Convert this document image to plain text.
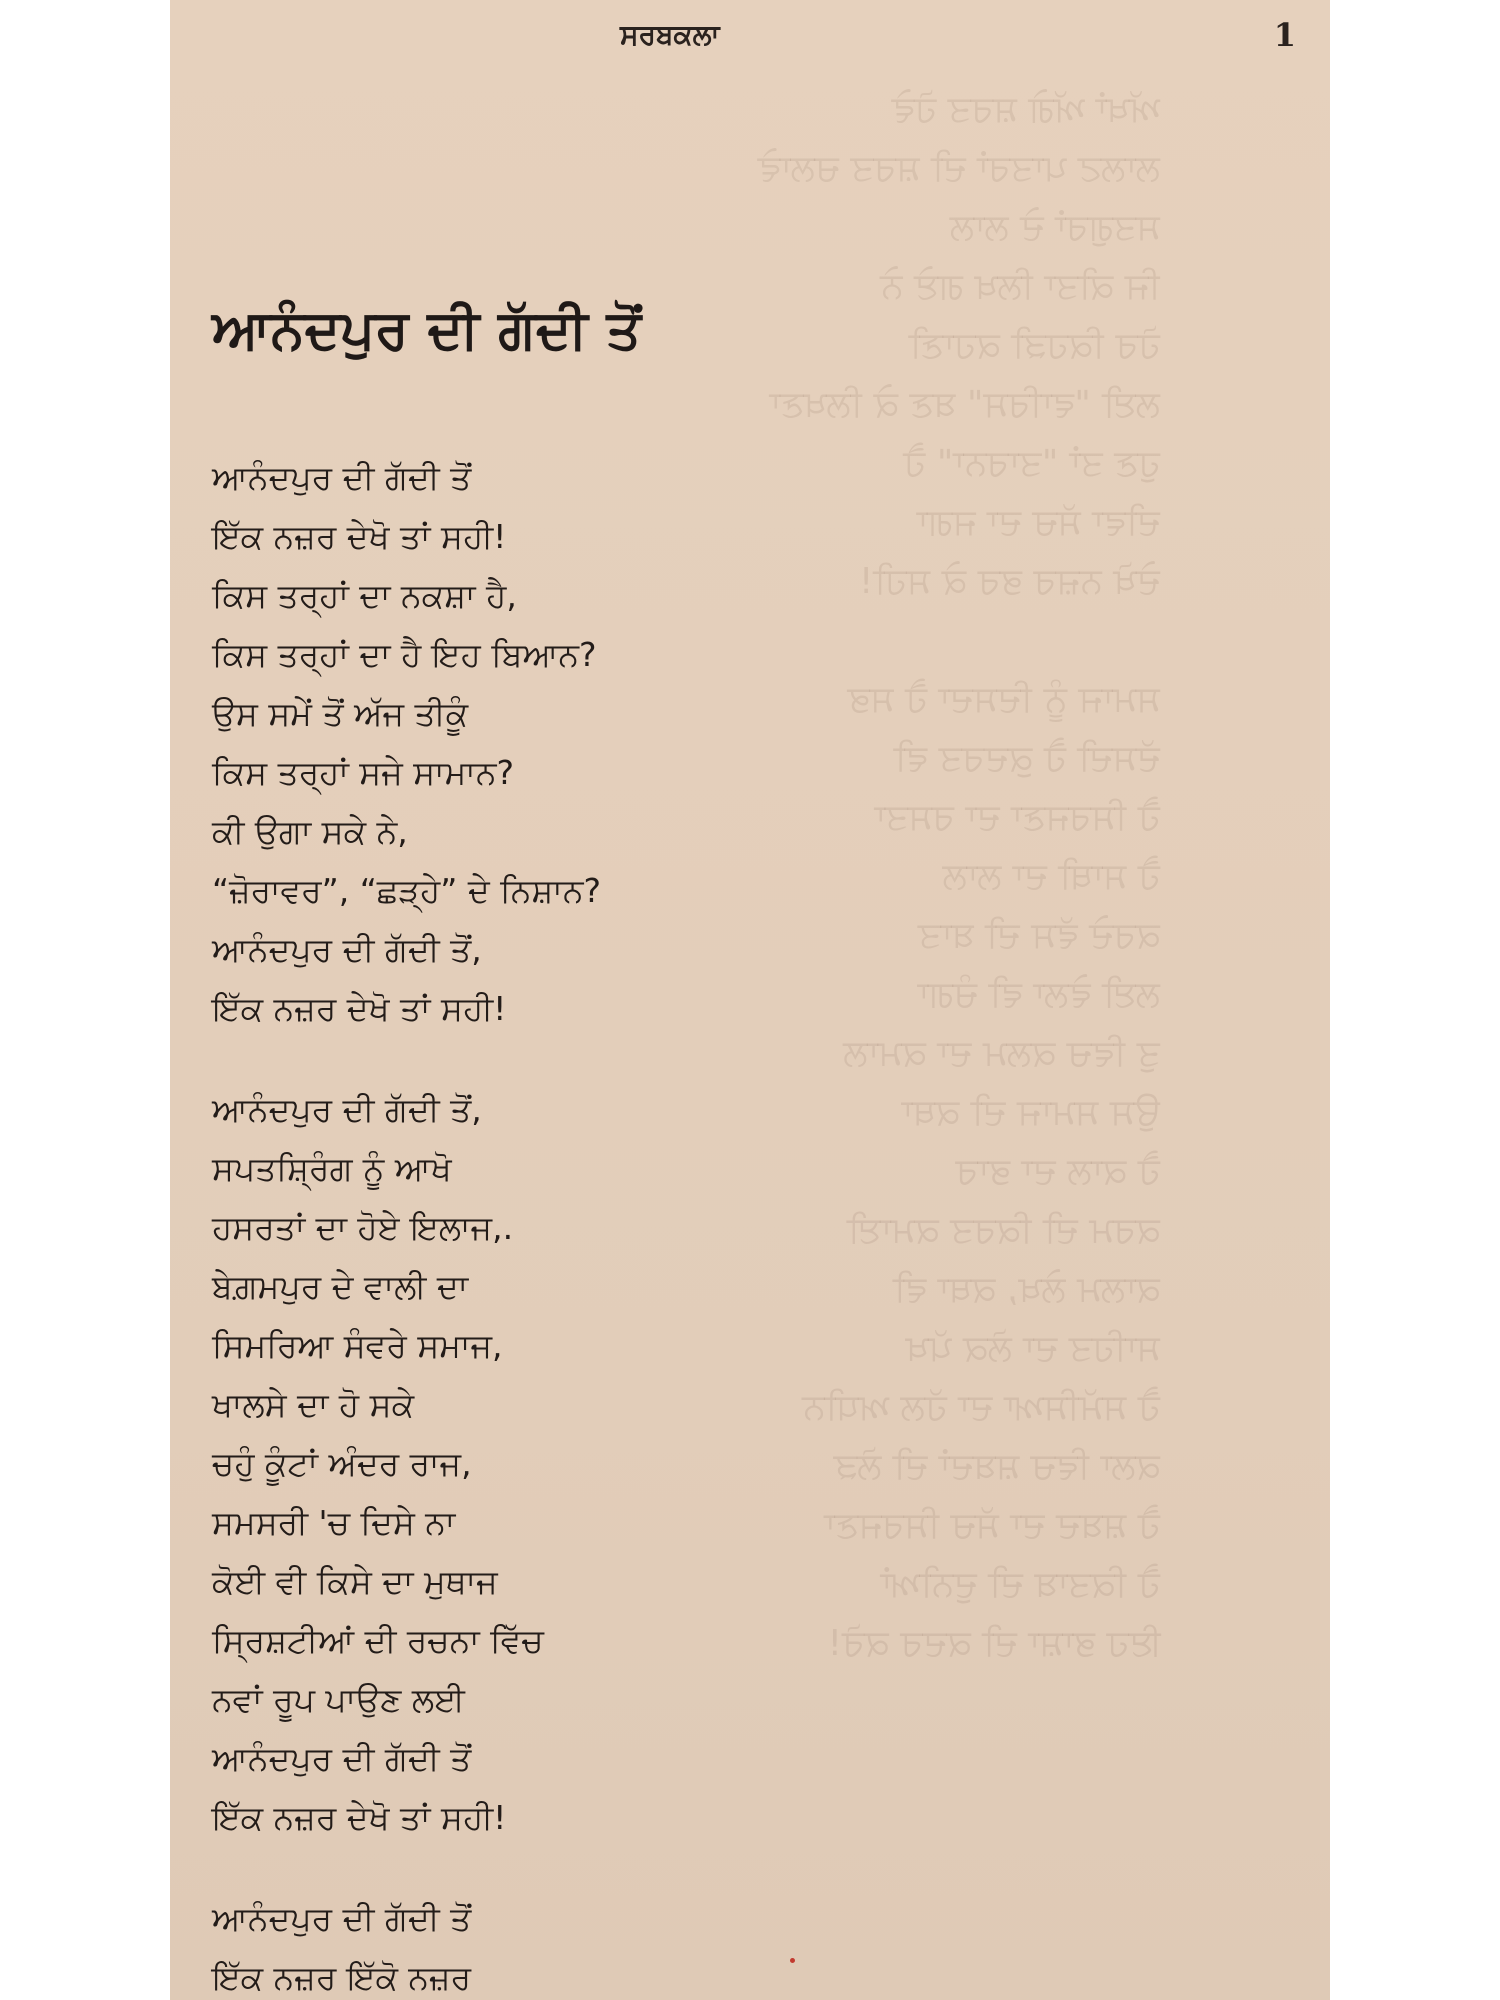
ਅੱਖਾਂ ਅੱਗੇ ਸ਼ਰਤ ਹੋਵੇ
ਲਾਲਟ ਪਾਤਰਾਂ ਦੀ ਸ਼ਰਤ ਚਲਾਵੇ
ਸਤਗੁਰਾਂ ਦੇ ਲਾਲ
ਜਿ ਕੀਤਾ ਲਿਖ ਗਏ ਨੇ
ਹੋਰ ਕਿਹੜੀ ਕਹਾਣੀ
ਲਈ "ਵਾਰਿਸ" ਬਣ ਕੇ ਲਿਖਣਾ
ਹੁਣ ਤਾਂ "ਤਾਰਨਾ" ਹੈ
ਦੀਵਾ ਸੱਚ ਦਾ ਜਗਾ
ਦੇਖੋ ਨਜ਼ਰ ਭਰ ਕੇ ਸਹੀ!
ਸਮਾਜ ਨੂੰ ਦਿਸਦਾ ਹੈ ਸਭ
ਦੱਸਦੀ ਹੈ ਕੁਦਰਤ ਵੀ
ਹੈ ਸਿਰਜਣਾ ਦਾ ਰਸਤਾ
ਹੈ ਸਾਥੀ ਦਾ ਲਾਲ
ਕਰਦੇ ਵੱਸ ਦੀ ਬਾਤ
ਲਈ ਵੇਲਾ ਵੀ ਚੰਗਾ
ਤੁ ਵਿਚ ਕਲਮ ਦਾ ਕਮਾਲ
ਉਸ ਸਮਾਜ ਦੀ ਕਥਾ
ਹੈ ਕਾਲ ਦਾ ਭਾਰ
ਕਰਮ ਦੀ ਕਿਰਤ ਕਮਾਈ
ਕਾਲਮ ਲੇਖ, ਕਥਾ ਵੀ
ਸਾਹਿਤ ਦਾ ਲੋਕ ਪੱਖ
ਹੈ ਸਮੱਸਿਆ ਦਾ ਹੱਲ ਅਧੀਨ
ਕਲਾ ਵਿਚ ਸ਼ਬਦਾਂ ਦੀ ਲੋੜ
ਹੈ ਸ਼ਬਦ ਦਾ ਸੱਚ ਸਿਰਜਣਾ
ਹੈ ਕਿਤਾਬ ਦੀ ਦੁਨੀਆਂ
ਇਹ ਭਾਸ਼ਾ ਦੀ ਕਦਰ ਕਰੋ!
ਸਰਬਕਲਾ	1
ਆਨੰਦਪੁਰ ਦੀ ਗੱਦੀ ਤੋਂ
ਆਨੰਦਪੁਰ ਦੀ ਗੱਦੀ ਤੋਂ
ਇੱਕ ਨਜ਼ਰ ਦੇਖੋ ਤਾਂ ਸਹੀ!
ਕਿਸ ਤਰ੍ਹਾਂ ਦਾ ਨਕਸ਼ਾ ਹੈ,
ਕਿਸ ਤਰ੍ਹਾਂ ਦਾ ਹੈ ਇਹ ਬਿਆਨ?
ਉਸ ਸਮੇਂ ਤੋਂ ਅੱਜ ਤੀਕੂੰ
ਕਿਸ ਤਰ੍ਹਾਂ ਸਜੇ ਸਾਮਾਨ?
ਕੀ ਉਗਾ ਸਕੇ ਨੇ,
“ਜ਼ੋਰਾਵਰ”, “ਛੜ੍ਹੇ” ਦੇ ਨਿਸ਼ਾਨ?
ਆਨੰਦਪੁਰ ਦੀ ਗੱਦੀ ਤੋਂ,
ਇੱਕ ਨਜ਼ਰ ਦੇਖੋ ਤਾਂ ਸਹੀ!
ਆਨੰਦਪੁਰ ਦੀ ਗੱਦੀ ਤੋਂ,
ਸਪਤਸ਼੍ਰਿੰਗ ਨੂੰ ਆਖੋ
ਹਸਰਤਾਂ ਦਾ ਹੋਏ ਇਲਾਜ,.
ਬੇਗ਼ਮਪੁਰ ਦੇ ਵਾਲੀ ਦਾ
ਸਿਮਰਿਆ ਸੰਵਰੇ ਸਮਾਜ,
ਖਾਲਸੇ ਦਾ ਹੋ ਸਕੇ
ਚਹੁੰ ਕੂੰਟਾਂ ਅੰਦਰ ਰਾਜ,
ਸਮਸਰੀ 'ਚ ਦਿਸੇ ਨਾ
ਕੋਈ ਵੀ ਕਿਸੇ ਦਾ ਮੁਥਾਜ
ਸ੍ਰਿਸ਼ਟੀਆਂ ਦੀ ਰਚਨਾ ਵਿੱਚ
ਨਵਾਂ ਰੂਪ ਪਾਉਣ ਲਈ
ਆਨੰਦਪੁਰ ਦੀ ਗੱਦੀ ਤੋਂ
ਇੱਕ ਨਜ਼ਰ ਦੇਖੋ ਤਾਂ ਸਹੀ!
ਆਨੰਦਪੁਰ ਦੀ ਗੱਦੀ ਤੋਂ
ਇੱਕ ਨਜ਼ਰ ਇੱਕੋ ਨਜ਼ਰ
